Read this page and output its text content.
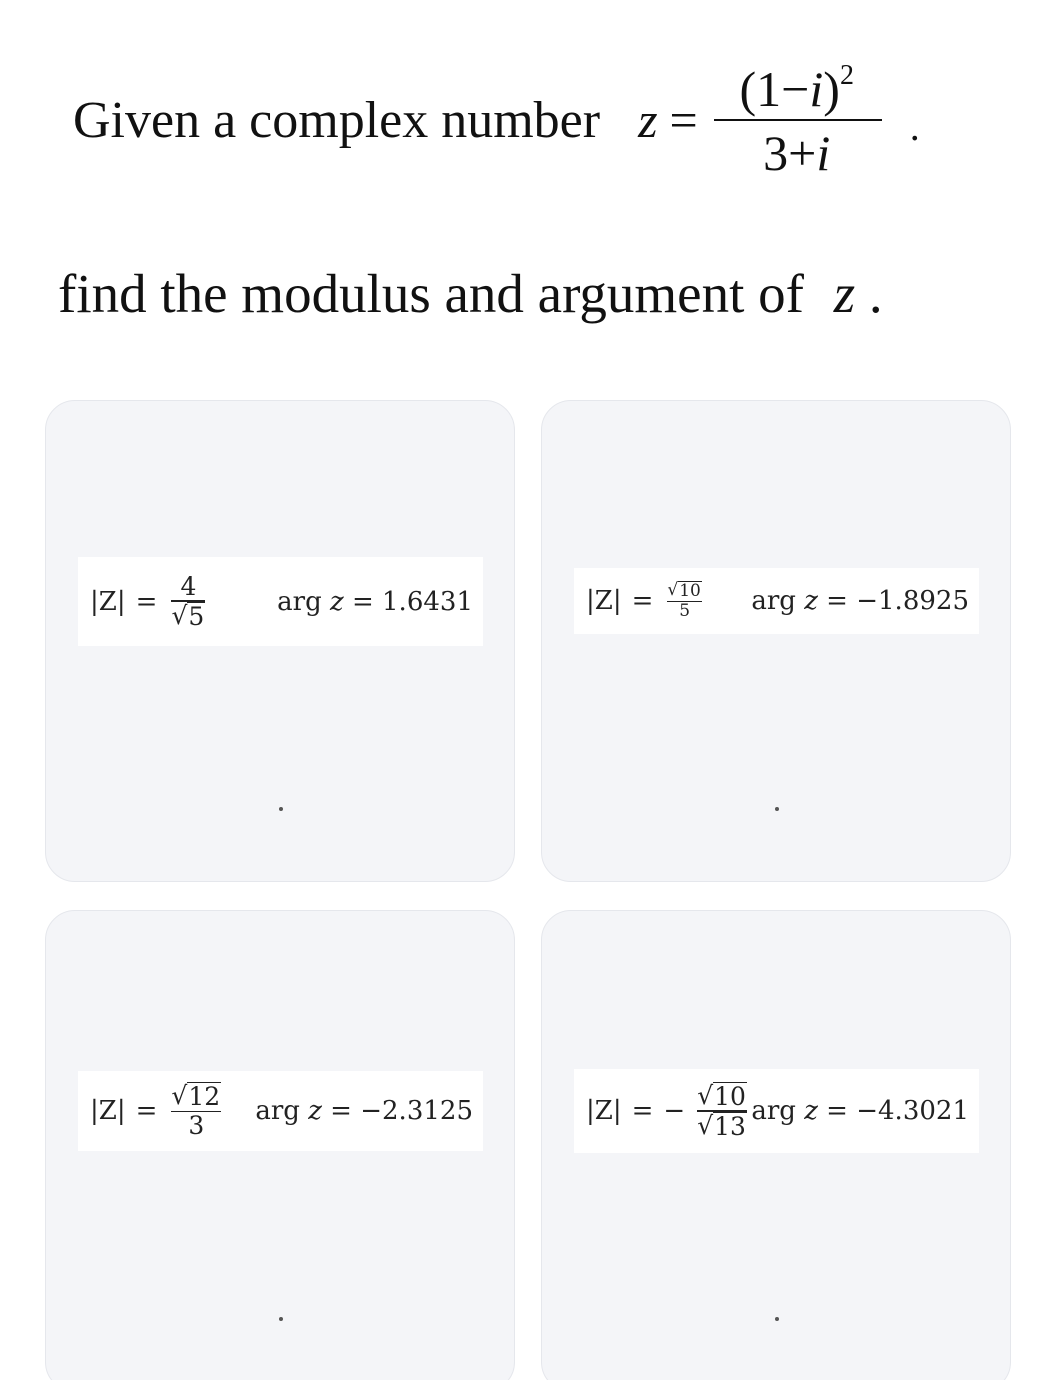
Given a complex number $z = \frac{(1-i)^2}{3+i}$ .
find the modulus and argument of z .
$|Z| = \frac{4}{√ 5}$	arg z = 1.6431	$|Z| = \frac{√ 10}{5}$ arg z = −1.8925
$|Z| = \frac{√ 12}{3}$ arg z = −2.3125	|Z| = − $\frac{√ 10}{√ 13}$ arg z = −4.3021
